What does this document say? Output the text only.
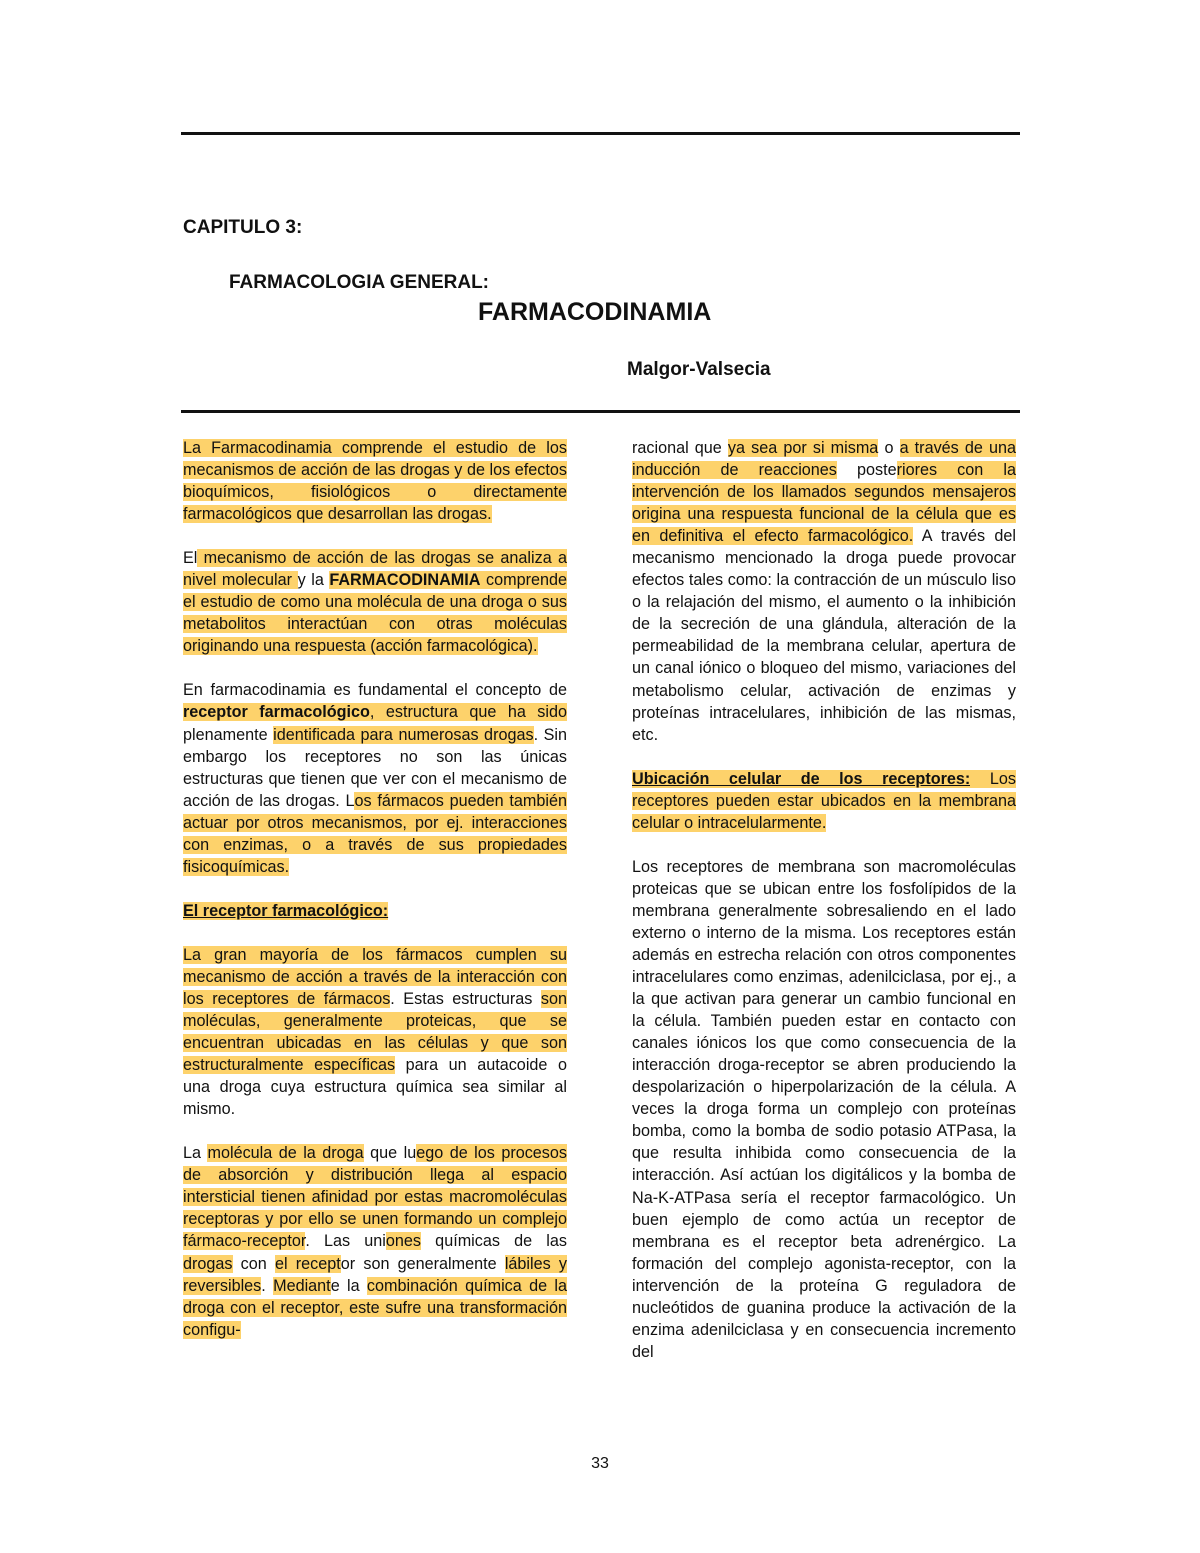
CAPITULO 3:
FARMACOLOGIA GENERAL:
FARMACODINAMIA
Malgor-Valsecia

La Farmacodinamia comprende el estudio de los mecanismos de acción de las drogas y de los efectos bioquímicos, fisiológicos o directamente farmacológicos que desarrollan las drogas.

El mecanismo de acción de las drogas se analiza a nivel molecular y la FARMACODINAMIA comprende el estudio de como una molécula de una droga o sus metabolitos interactúan con otras moléculas originando una respuesta (acción farmacológica).

En farmacodinamia es fundamental el concepto de receptor farmacológico, estructura que ha sido plenamente identificada para numerosas drogas. Sin embargo los receptores no son las únicas estructuras que tienen que ver con el mecanismo de acción de las drogas. Los fármacos pueden también actuar por otros mecanismos, por ej. interacciones con enzimas, o a través de sus propiedades fisicoquímicas.

El receptor farmacológico:

La gran mayoría de los fármacos cumplen su mecanismo de acción a través de la interacción con los receptores de fármacos. Estas estructuras son moléculas, generalmente proteicas, que se encuentran ubicadas en las células y que son estructuralmente específicas para un autacoide o una droga cuya estructura química sea similar al mismo.

La molécula de la droga que luego de los procesos de absorción y distribución llega al espacio intersticial tienen afinidad por estas macromoléculas receptoras y por ello se unen formando un complejo fármaco-receptor. Las uniones químicas de las drogas con el receptor son generalmente lábiles y reversibles. Mediante la combinación química de la droga con el receptor, este sufre una transformación configu-

racional que ya sea por si misma o a través de una inducción de reacciones posteriores con la intervención de los llamados segundos mensajeros origina una respuesta funcional de la célula que es en definitiva el efecto farmacológico. A través del mecanismo mencionado la droga puede provocar efectos tales como: la contracción de un músculo liso o la relajación del mismo, el aumento o la inhibición de la secreción de una glándula, alteración de la permeabilidad de la membrana celular, apertura de un canal iónico o bloqueo del mismo, variaciones del metabolismo celular, activación de enzimas y proteínas intracelulares, inhibición de las mismas, etc.

Ubicación celular de los receptores: Los receptores pueden estar ubicados en la membrana celular o intracelularmente.

Los receptores de membrana son macromoléculas proteicas que se ubican entre los fosfolípidos de la membrana generalmente sobresaliendo en el lado externo o interno de la misma. Los receptores están además en estrecha relación con otros componentes intracelulares como enzimas, adenilciclasa, por ej., a la que activan para generar un cambio funcional en la célula. También pueden estar en contacto con canales iónicos los que como consecuencia de la interacción droga-receptor se abren produciendo la despolarización o hiperpolarización de la célula. A veces la droga forma un complejo con proteínas bomba, como la bomba de sodio potasio ATPasa, la que resulta inhibida como consecuencia de la interacción. Así actúan los digitálicos y la bomba de Na-K-ATPasa sería el receptor farmacológico. Un buen ejemplo de como actúa un receptor de membrana es el receptor beta adrenérgico. La formación del complejo agonista-receptor, con la intervención de la proteína G reguladora de nucleótidos de guanina produce la activación de la enzima adenilciclasa y en consecuencia incremento del

33
